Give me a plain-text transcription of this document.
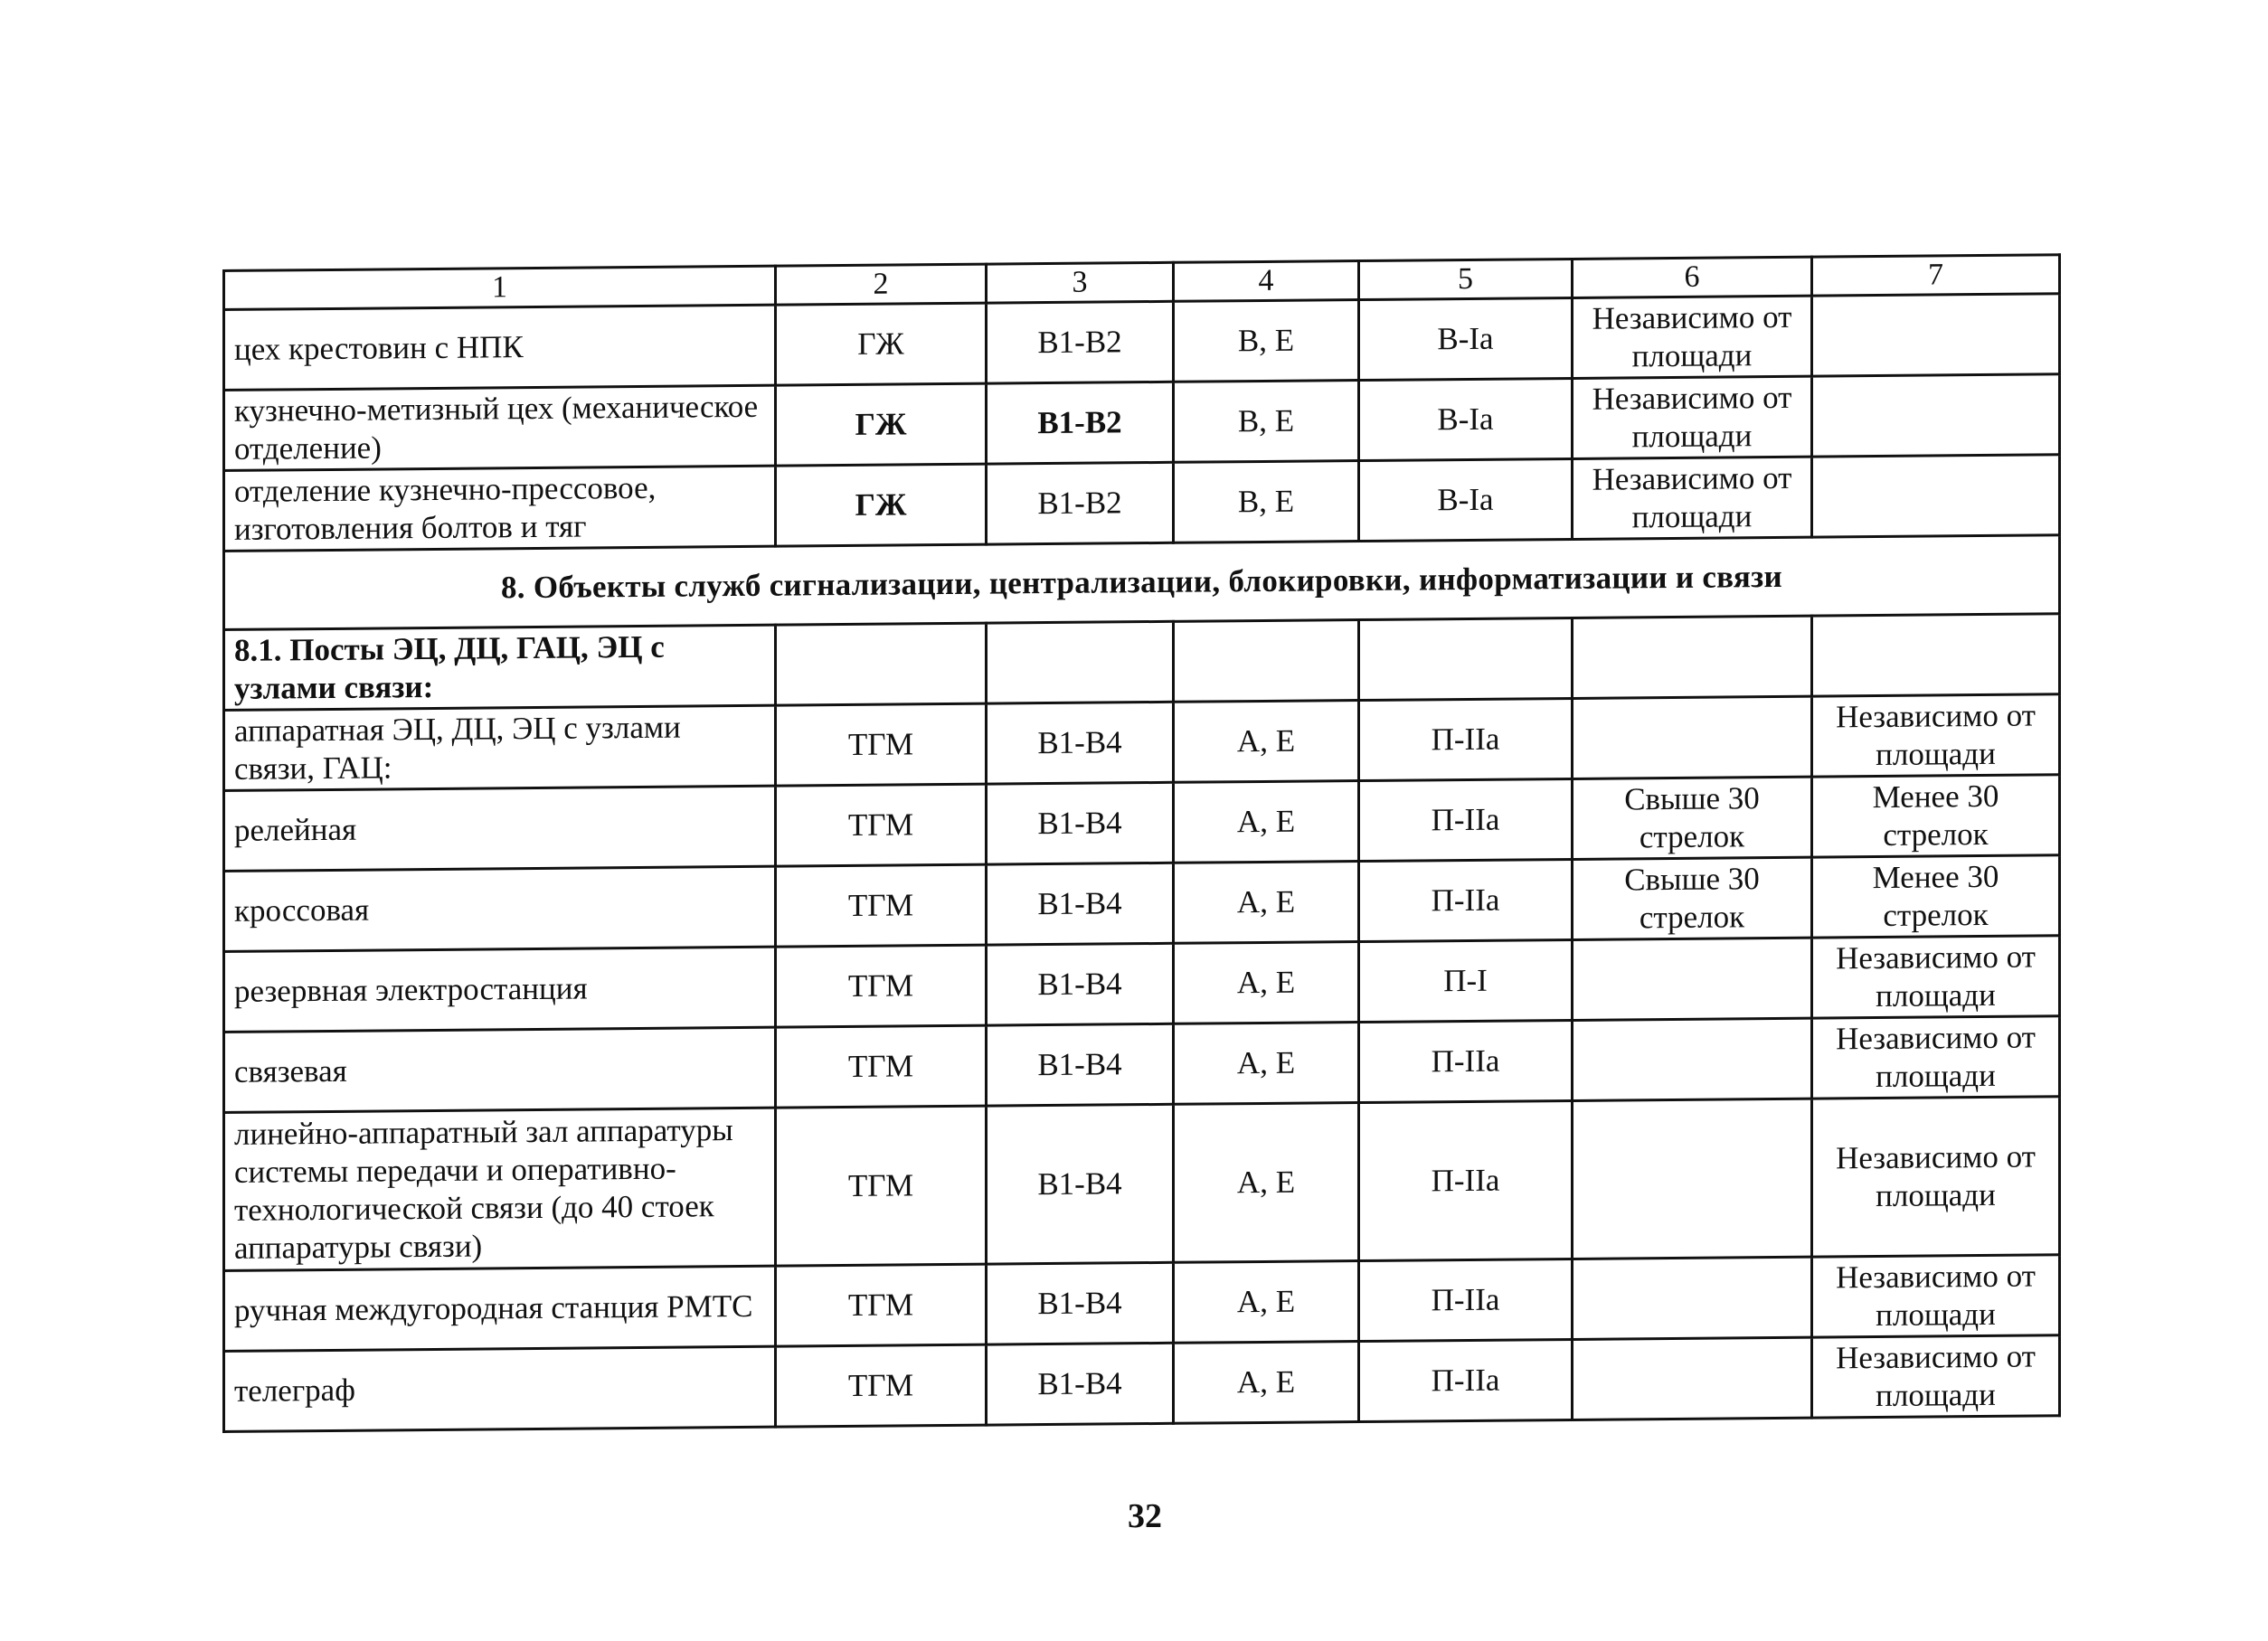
1	2	3	4	5	6	7
цех крестовин с НПК	ГЖ	В1-В2	В, Е	В-Ia	Независимо от площади	
кузнечно-метизный цех (механическое отделение)	ГЖ	В1-В2	В, Е	В-Ia	Независимо от площади	
отделение кузнечно-прессовое, изготовления болтов и тяг	ГЖ	В1-В2	В, Е	В-Ia	Независимо от площади	
8. Объекты служб сигнализации, централизации, блокировки, информатизации и связи						
8.1. Посты ЭЦ, ДЦ, ГАЦ, ЭЦ с узлами связи:						
аппаратная ЭЦ, ДЦ, ЭЦ с узлами связи, ГАЦ:	ТГМ	В1-В4	А, Е	П-IIа		Независимо от площади
релейная	ТГМ	В1-В4	А, Е	П-IIа	Свыше 30 стрелок	Менее 30 стрелок
кроссовая	ТГМ	В1-В4	А, Е	П-IIа	Свыше 30 стрелок	Менее 30 стрелок
резервная электростанция	ТГМ	В1-В4	А, Е	П-I		Независимо от площади
связевая	ТГМ	В1-В4	А, Е	П-IIа		Независимо от площади
линейно-аппаратный зал аппаратуры системы передачи и оперативно-технологической связи (до 40 стоек аппаратуры связи)	ТГМ	В1-В4	А, Е	П-IIа		Независимо от площади
ручная междугородная станция РМТС	ТГМ	В1-В4	А, Е	П-IIа		Независимо от площади
телеграф	ТГМ	В1-В4	А, Е	П-IIа		Независимо от площади
32
